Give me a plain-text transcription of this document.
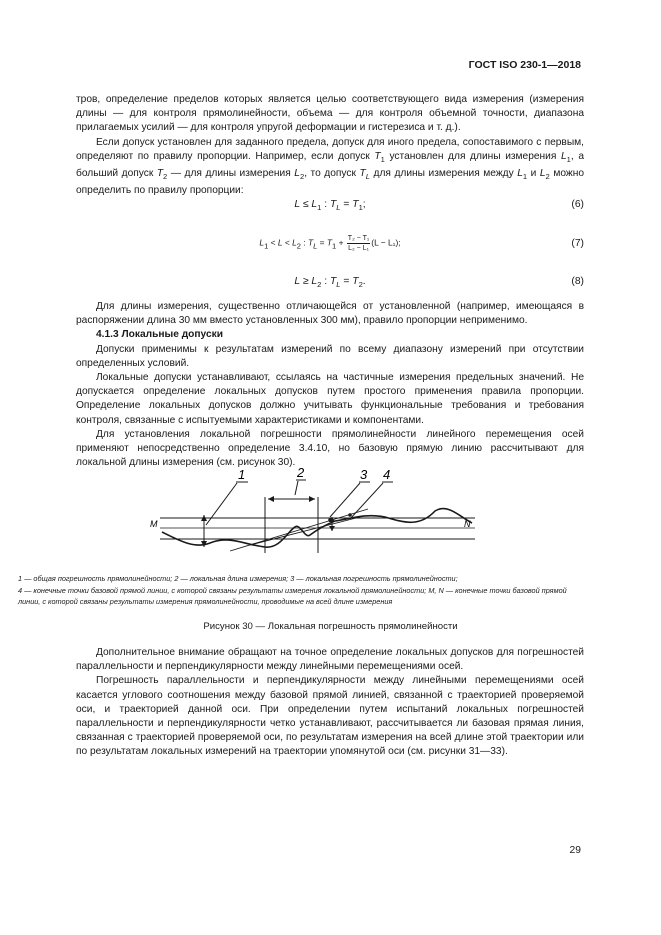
ГОСТ ISO 230-1—2018

тров, определение пределов которых является целью соответствующего вида измерения (измерения длины — для контроля прямолинейности, объема — для контроля объемной точности, диапазона прилагаемых усилий — для контроля упругой деформации и гистерезиса и т. д.).

Если допуск установлен для заданного предела, допуск для иного предела, сопоставимого с первым, определяют по правилу пропорции. Например, если допуск $T_1$ установлен для длины измерения $L_1$, а больший допуск $T_2$ — для длины измерения $L_2$, то допуск $T_L$ для длины измерения между $L_1$ и $L_2$ можно определить по правилу пропорции:

$L \le L_1$ : $T_L = T_1$;	(6)
$L_1 < L < L_2$ : $T_L = T_1 + \frac{\text{T₂ − T₁}}{\text{L₂ − L₁}} (L - L_1)$;	(7)
$L \ge L_2$ : $T_L = T_2$.	(8)

Для длины измерения, существенно отличающейся от установленной (например, имеющаяся в распоряжении длина 30 мм вместо установленных 300 мм), правило пропорции неприменимо.

4.1.3 Локальные допуски

Допуски применимы к результатам измерений по всему диапазону измерений при отсутствии определенных условий.

Локальные допуски устанавливают, ссылаясь на частичные измерения предельных значений. Не допускается определение локальных допусков путем простого применения правила пропорции. Определение локальных допусков должно учитывать функциональные требования и требования контроля, связанные с испытуемыми характеристиками и компонентами.

Для установления локальной погрешности прямолинейности линейного перемещения осей применяют непосредственно определение 3.4.10, но базовую прямую линию рассчитывают для локальной длины измерения (см. рисунок 30).

1	2	3 4
M	N

1 — общая погрешность прямолинейности; 2 — локальная длина измерения; 3 — локальная погрешность прямолинейности;

4 — конечные точки базовой прямой линии, с которой связаны результаты измерения локальной прямолинейности; M, N — конечные точки базовой прямой линии, с которой связаны результаты измерения прямолинейности, проводимые на всей длине измерения

Рисунок 30 — Локальная погрешность прямолинейности

Дополнительное внимание обращают на точное определение локальных допусков для погрешностей параллельности и перпендикулярности между линейными перемещениями осей.

Погрешность параллельности и перпендикулярности между линейными перемещениями осей касается углового соотношения между базовой прямой линией, связанной с траекторией проверяемой оси, и траекторией данной оси. При определении путем испытаний локальных погрешностей параллельности и перпендикулярности четко устанавливают, рассчитывается ли базовая прямая линия, связанная с траекторией проверяемой оси, по результатам измерения на всей длине этой траектории или по результатам локальных измерений на траектории упомянутой оси (см. рисунки 31—33).

29
